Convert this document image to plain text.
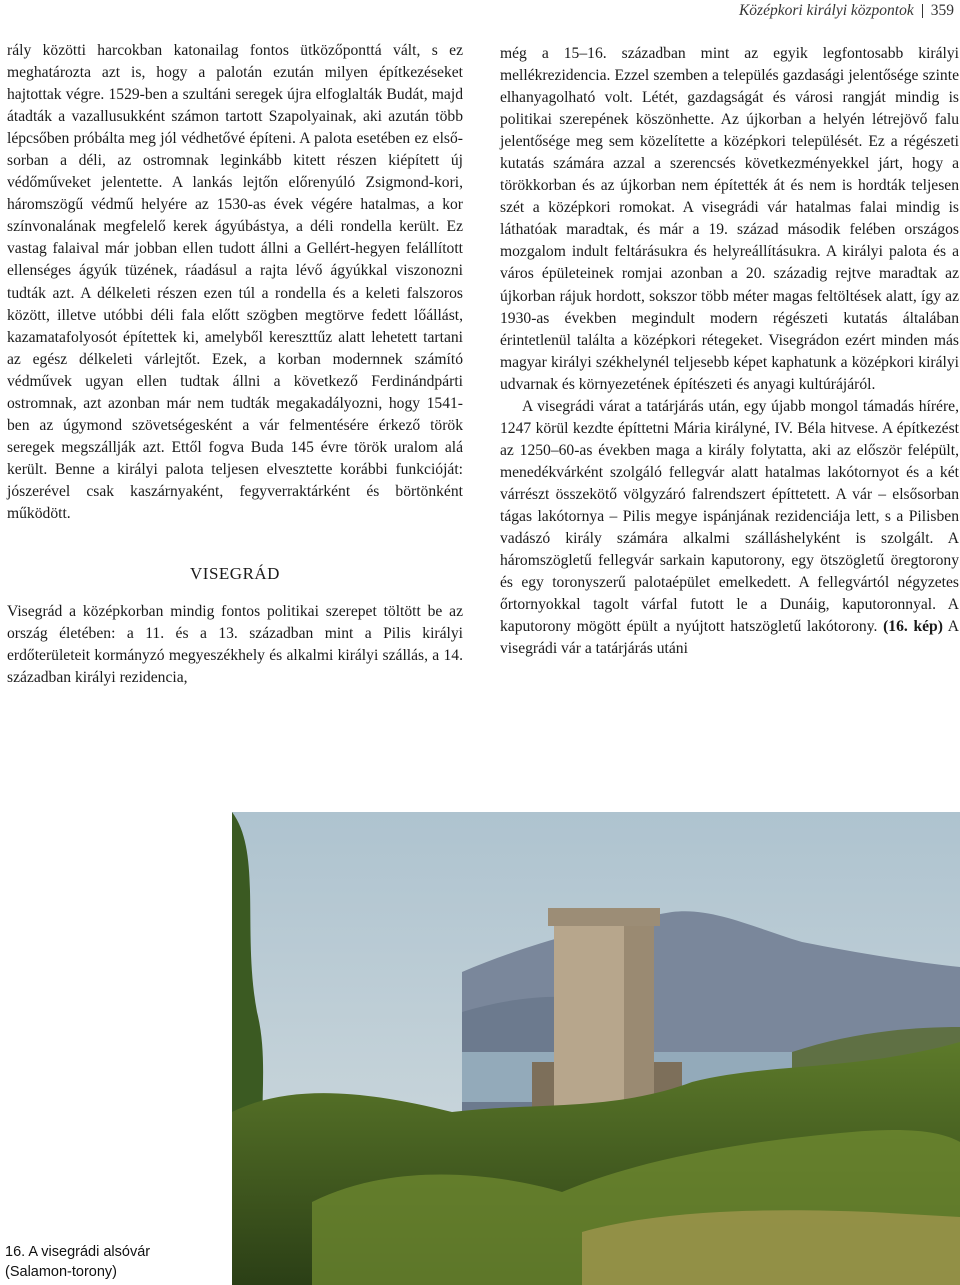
Középkori királyi központok 359

rály közötti harcokban katonailag fontos ütközőponttá vált, s ez meghatározta azt is, hogy a palotán ezután milyen építkezéseket hajtottak végre. 1529-ben a szultáni seregek újra elfoglalták Budát, majd átadták a vazallusukként számon tartott Szapolyainak, aki azután több lépcsőben próbálta meg jól védhetővé építeni. A palota esetében ez elsősorban a déli, az ostromnak leginkább kitett részen kiépített új védőműveket jelentette. A lankás lejtőn előrenyúló Zsigmond-kori, háromszögű védmű helyére az 1530-as évek végére hatalmas, a kor színvonalának megfelelő kerek ágyúbástya, a déli rondella került. Ez vastag falaival már jobban ellen tudott állni a Gellért-hegyen felállított ellenséges ágyúk tüzének, ráadásul a rajta lévő ágyúkkal viszonozni tudták azt. A délkeleti részen ezen túl a rondella és a keleti falszoros között, illetve utóbbi déli fala előtt szögben megtörve fedett lőállást, kazamatafolyosót építettek ki, amelyből kereszttűz alatt lehetett tartani az egész délkeleti várlejtőt. Ezek, a korban modernnek számító védművek ugyan ellen tudtak állni a következő Ferdinándpárti ostromnak, azt azonban már nem tudták megakadályozni, hogy 1541-ben az úgymond szövetségesként a vár felmentésére érkező török seregek megszállják azt. Ettől fogva Buda 145 évre török uralom alá került. Benne a királyi palota teljesen elvesztette korábbi funkcióját: jószerével csak kaszárnyaként, fegyverraktárként és börtönként működött.

VISEGRÁD

Visegrád a középkorban mindig fontos politikai szerepet töltött be az ország életében: a 11. és a 13. században mint a Pilis királyi erdőterületeit kormányzó megyeszékhely és alkalmi királyi szállás, a 14. században királyi rezidencia,

még a 15–16. században mint az egyik legfontosabb királyi mellékrezidencia. Ezzel szemben a település gazdasági jelentősége szinte elhanyagolható volt. Létét, gazdagságát és városi rangját mindig is politikai szerepének köszönhette. Az újkorban a helyén létrejövő falu jelentősége meg sem közelítette a középkori települését. Ez a régészeti kutatás számára azzal a szerencsés következményekkel járt, hogy a törökkorban és az újkorban nem építették át és nem is hordták teljesen szét a középkori romokat. A visegrádi vár hatalmas falai mindig is láthatóak maradtak, és már a 19. század második felében országos mozgalom indult feltárásukra és helyreállításukra. A királyi palota és a város épületeinek romjai azonban a 20. századig rejtve maradtak az újkorban rájuk hordott, sokszor több méter magas feltöltések alatt, így az 1930-as években megindult modern régészeti kutatás általában érintetlenül találta a középkori rétegeket. Visegrádon ezért minden más magyar királyi székhelynél teljesebb képet kaphatunk a középkori királyi udvarnak és környezetének építészeti és anyagi kultúrájáról.

A visegrádi várat a tatárjárás után, egy újabb mongol támadás hírére, 1247 körül kezdte építtetni Mária királyné, IV. Béla hitvese. A építkezést az 1250–60-as években maga a király folytatta, aki az először felépült, menedékvárként szolgáló fellegvár alatt hatalmas lakótornyot és a két várrészt összekötő völgyzáró falrendszert építtetett. A vár – elsősorban tágas lakótornya – Pilis megye ispánjának rezidenciája lett, s a Pilisben vadászó király számára alkalmi szálláshelyként is szolgált. A háromszögletű fellegvár sarkain kaputorony, egy ötszögletű öregtorony és egy toronyszerű palotaépület emelkedett. A fellegvártól négyzetes őrtornyokkal tagolt várfal futott le a Dunáig, kaputoronnyal. A kaputorony mögött épült a nyújtott hatszögletű lakótorony. (16. kép) A visegrádi vár a tatárjárás utáni

16. A visegrádi alsóvár
(Salamon-torony)
